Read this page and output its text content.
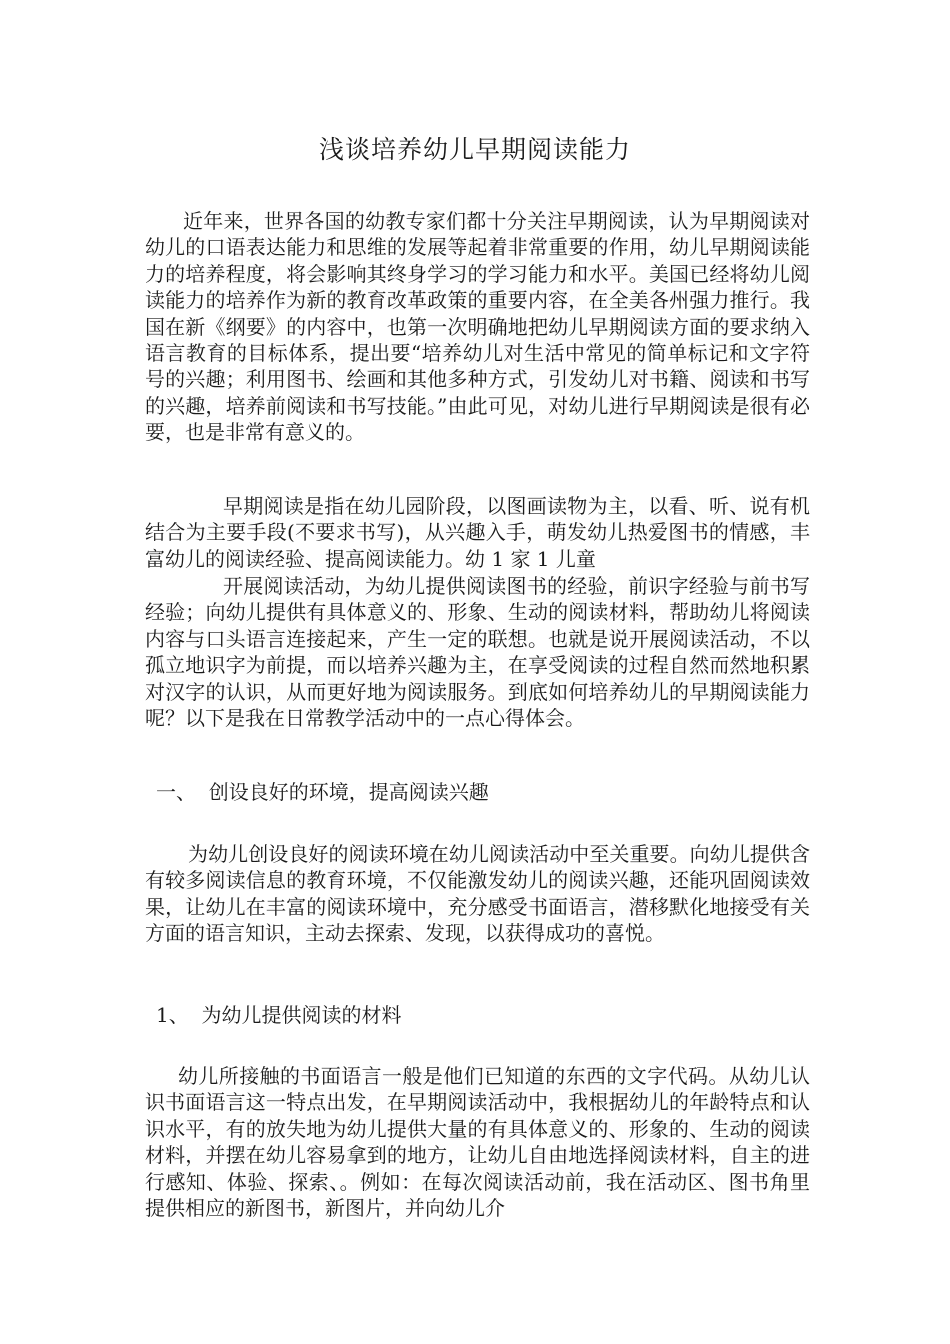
浅谈培养幼儿早期阅读能力

近年来，世界各国的幼教专家们都十分关注早期阅读，认为早期阅读对幼儿的口语表达能力和思维的发展等起着非常重要的作用，幼儿早期阅读能力的培养程度，将会影响其终身学习的学习能力和水平。美国已经将幼儿阅读能力的培养作为新的教育改革政策的重要内容，在全美各州强力推行。我国在新《纲要》的内容中，也第一次明确地把幼儿早期阅读方面的要求纳入语言教育的目标体系，提出要“培养幼儿对生活中常见的简单标记和文字符号的兴趣；利用图书、绘画和其他多种方式，引发幼儿对书籍、阅读和书写的兴趣，培养前阅读和书写技能。”由此可见，对幼儿进行早期阅读是很有必要，也是非常有意义的。

早期阅读是指在幼儿园阶段，以图画读物为主，以看、听、说有机结合为主要手段(不要求书写)，从兴趣入手，萌发幼儿热爱图书的情感，丰富幼儿的阅读经验、提高阅读能力。幼 1 家 1 儿童

开展阅读活动，为幼儿提供阅读图书的经验，前识字经验与前书写经验；向幼儿提供有具体意义的、形象、生动的阅读材料，帮助幼儿将阅读内容与口头语言连接起来，产生一定的联想。也就是说开展阅读活动，不以孤立地识字为前提，而以培养兴趣为主，在享受阅读的过程自然而然地积累对汉字的认识，从而更好地为阅读服务。到底如何培养幼儿的早期阅读能力呢？以下是我在日常教学活动中的一点心得体会。

一、  创设良好的环境，提高阅读兴趣

为幼儿创设良好的阅读环境在幼儿阅读活动中至关重要。向幼儿提供含有较多阅读信息的教育环境，不仅能激发幼儿的阅读兴趣，还能巩固阅读效果，让幼儿在丰富的阅读环境中，充分感受书面语言，潜移默化地接受有关方面的语言知识，主动去探索、发现，以获得成功的喜悦。

1、  为幼儿提供阅读的材料

幼儿所接触的书面语言一般是他们已知道的东西的文字代码。从幼儿认识书面语言这一特点出发，在早期阅读活动中，我根据幼儿的年龄特点和认识水平，有的放失地为幼儿提供大量的有具体意义的、形象的、生动的阅读材料，并摆在幼儿容易拿到的地方，让幼儿自由地选择阅读材料，自主的进行感知、体验、探索、。例如：在每次阅读活动前，我在活动区、图书角里提供相应的新图书，新图片，并向幼儿介
